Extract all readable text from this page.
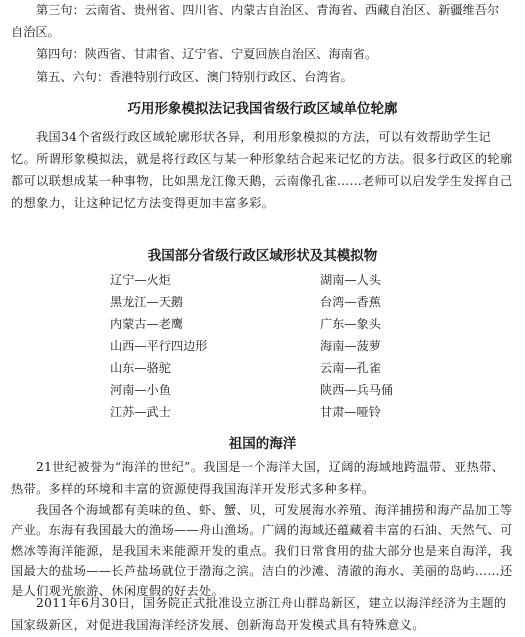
第三句：云南省、贵州省、四川省、内蒙古自治区、青海省、西藏自治区、新疆维吾尔
自治区。
第四句：陕西省、甘肃省、辽宁省、宁夏回族自治区、海南省。
第五、六句：香港特别行政区、澳门特别行政区、台湾省。
巧用形象模拟法记我国省级行政区域单位轮廓
我国34个省级行政区域轮廓形状各异，利用形象模拟的方法，可以有效帮助学生记忆。所谓形象模拟法，就是将行政区与某一种形象结合起来记忆的方法。很多行政区的轮廓都可以联想成某一种事物，比如黑龙江像天鹅，云南像孔雀……老师可以启发学生发挥自己的想象力，让这种记忆方法变得更加丰富多彩。
我国部分省级行政区域形状及其模拟物
辽宁—火炬
黑龙江—天鹅
内蒙古—老鹰
山西—平行四边形
山东—骆驼
河南—小鱼
江苏—武士
湖南—人头
台湾—香蕉
广东—象头
海南—菠萝
云南—孔雀
陕西—兵马俑
甘肃—哑铃
祖国的海洋
21世纪被誉为“海洋的世纪”。我国是一个海洋大国，辽阔的海域地跨温带、亚热带、热带。多样的环境和丰富的资源使得我国海洋开发形式多种多样。
我国各个海域都有美味的鱼、虾、蟹、贝，可发展海水养殖、海洋捕捞和海产品加工等产业。东海有我国最大的渔场——舟山渔场。广阔的海域还蕴藏着丰富的石油、天然气、可燃冰等海洋能源，是我国未来能源开发的重点。我们日常食用的盐大部分也是来自海洋，我国最大的盐场——长芦盐场就位于渤海之滨。洁白的沙滩、清澈的海水、美丽的岛屿……还是人们观光旅游、休闲度假的好去处。
2011年6月30日，国务院正式批准设立浙江舟山群岛新区，建立以海洋经济为主题的国家级新区，对促进我国海洋经济发展、创新海岛开发模式具有特殊意义。
